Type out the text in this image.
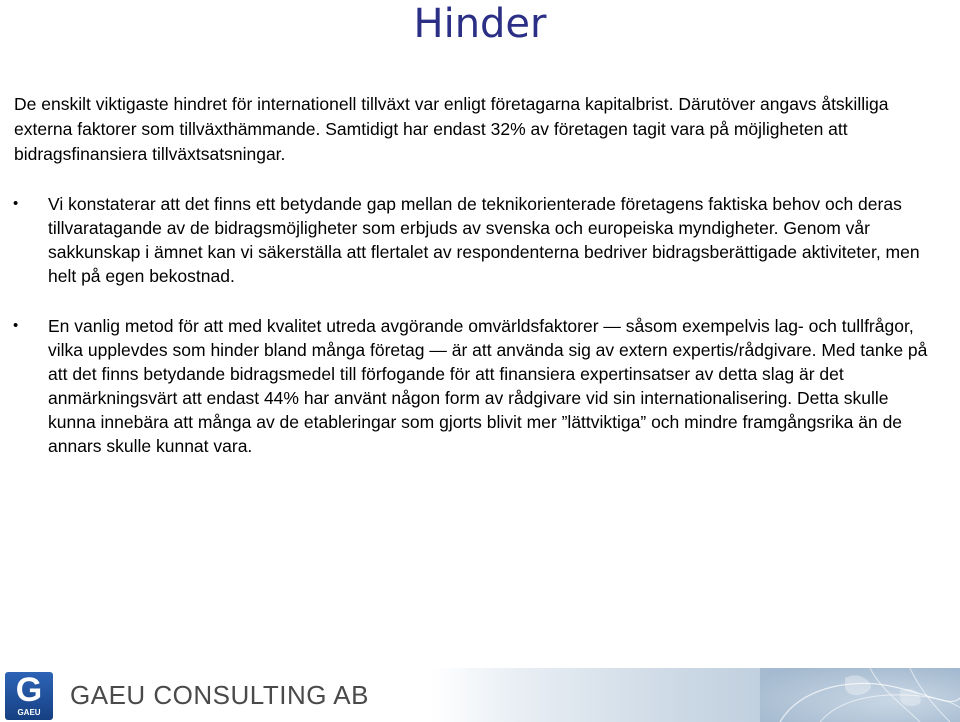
Hinder

De enskilt viktigaste hindret för internationell tillväxt var enligt företagarna kapitalbrist. Därutöver angavs åtskilliga externa faktorer som tillväxthämmande. Samtidigt har endast 32% av företagen tagit vara på möjligheten att bidragsfinansiera tillväxtsatsningar.

•	Vi konstaterar att det finns ett betydande gap mellan de teknikorienterade företagens faktiska behov och deras tillvaratagande av de bidragsmöjligheter som erbjuds av svenska och europeiska myndigheter. Genom vår sakkunskap i ämnet kan vi säkerställa att flertalet av respondenterna bedriver bidragsberättigade aktiviteter, men helt på egen bekostnad.

•	En vanlig metod för att med kvalitet utreda avgörande omvärldsfaktorer — såsom exempelvis lag- och tullfrågor, vilka upplevdes som hinder bland många företag — är att använda sig av extern expertis/rådgivare. Med tanke på att det finns betydande bidragsmedel till förfogande för att finansiera expertinsatser av detta slag är det anmärkningsvärt att endast 44% har använt någon form av rådgivare vid sin internationalisering. Detta skulle kunna innebära att många av de etableringar som gjorts blivit mer ”lättviktiga” och mindre framgångsrika än de annars skulle kunnat vara.

G
GAEU
GAEU CONSULTING AB
